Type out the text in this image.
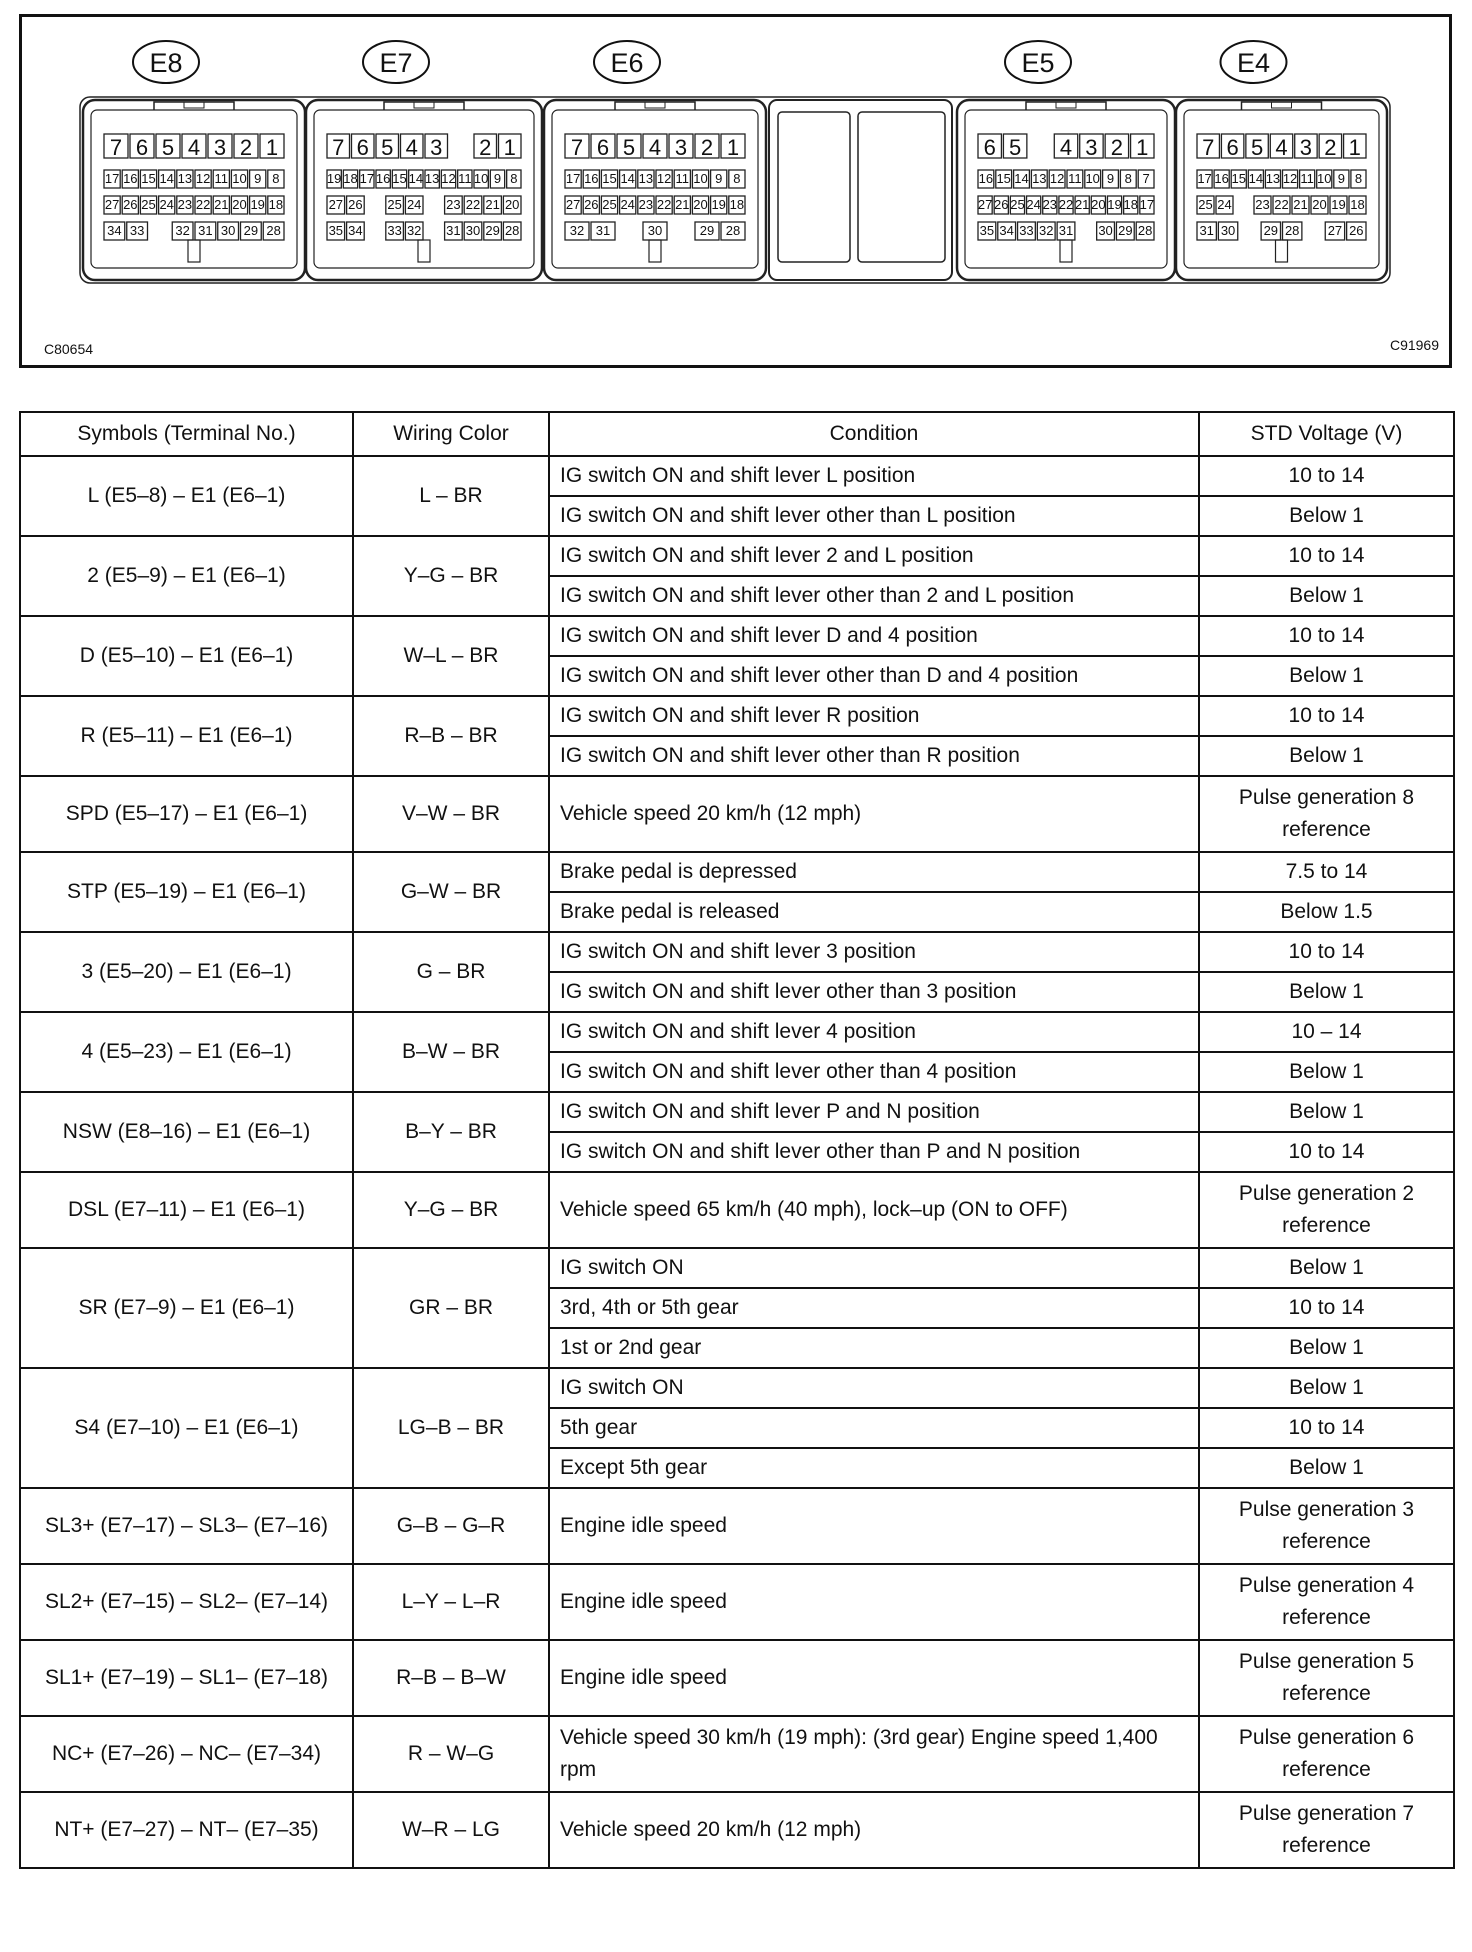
E8
7 6 5 4 3 2 1
17 16 15 14 13 12 11 10 9 8
27 26 25 24 23 22 21 20 19 18
34 33 32 31 30 29 28
E7
7 6 5 4 3 2 1
19 18 17 16 15 14 13 12 11 10 9 8
27 26 25 24 23 22 21 20
35 34 33 32 31 30 29 28
E6
7 6 5 4 3 2 1
17 16 15 14 13 12 11 10 9 8
27 26 25 24 23 22 21 20 19 18
32 31	30	29 28
E5
6 5 4 3 2 1
16 15 14 13 12 11 10 9 8 7
27 26 25 24 23 22 21 20 19 18 17
35 34 33 32 31 30 29 28
E4
7 6 5 4 3 2 1
17 16 15 14 13 12 11 10 9 8
25 24 23 22 21 20 19 18
31 30 29 28 27 26
C80654	C91969
Symbols (Terminal No.)	Wiring Color	Condition	STD Voltage (V)
L (E5–8) – E1 (E6–1)	L – BR	IG switch ON and shift lever L position	10 to 14
		IG switch ON and shift lever other than L position	Below 1
2 (E5–9) – E1 (E6–1)	Y–G – BR	IG switch ON and shift lever 2 and L position	10 to 14
		IG switch ON and shift lever other than 2 and L position	Below 1
D (E5–10) – E1 (E6–1)	W–L – BR	IG switch ON and shift lever D and 4 position	10 to 14
		IG switch ON and shift lever other than D and 4 position	Below 1
R (E5–11) – E1 (E6–1)	R–B – BR	IG switch ON and shift lever R position	10 to 14
		IG switch ON and shift lever other than R position	Below 1
SPD (E5–17) – E1 (E6–1)	V–W – BR	Vehicle speed 20 km/h (12 mph)	Pulse generation 8 reference
STP (E5–19) – E1 (E6–1)	G–W – BR	Brake pedal is depressed	7.5 to 14
		Brake pedal is released	Below 1.5
3 (E5–20) – E1 (E6–1)	G – BR	IG switch ON and shift lever 3 position	10 to 14
		IG switch ON and shift lever other than 3 position	Below 1
4 (E5–23) – E1 (E6–1)	B–W – BR	IG switch ON and shift lever 4 position	10 – 14
		IG switch ON and shift lever other than 4 position	Below 1
NSW (E8–16) – E1 (E6–1)	B–Y – BR	IG switch ON and shift lever P and N position	Below 1
		IG switch ON and shift lever other than P and N position	10 to 14
DSL (E7–11) – E1 (E6–1)	Y–G – BR	Vehicle speed 65 km/h (40 mph), lock–up (ON to OFF)	Pulse generation 2 reference
SR (E7–9) – E1 (E6–1)	GR – BR	IG switch ON	Below 1
		3rd, 4th or 5th gear	10 to 14
		1st or 2nd gear	Below 1
S4 (E7–10) – E1 (E6–1)	LG–B – BR	IG switch ON	Below 1
		5th gear	10 to 14
		Except 5th gear	Below 1
SL3+ (E7–17) – SL3– (E7–16)	G–B – G–R	Engine idle speed	Pulse generation 3 reference
SL2+ (E7–15) – SL2– (E7–14)	L–Y – L–R	Engine idle speed	Pulse generation 4 reference
SL1+ (E7–19) – SL1– (E7–18)	R–B – B–W	Engine idle speed	Pulse generation 5 reference
NC+ (E7–26) – NC– (E7–34)	R – W–G	Vehicle speed 30 km/h (19 mph): (3rd gear) Engine speed 1,400 rpm	Pulse generation 6 reference
NT+ (E7–27) – NT– (E7–35)	W–R – LG	Vehicle speed 20 km/h (12 mph)	Pulse generation 7 reference
